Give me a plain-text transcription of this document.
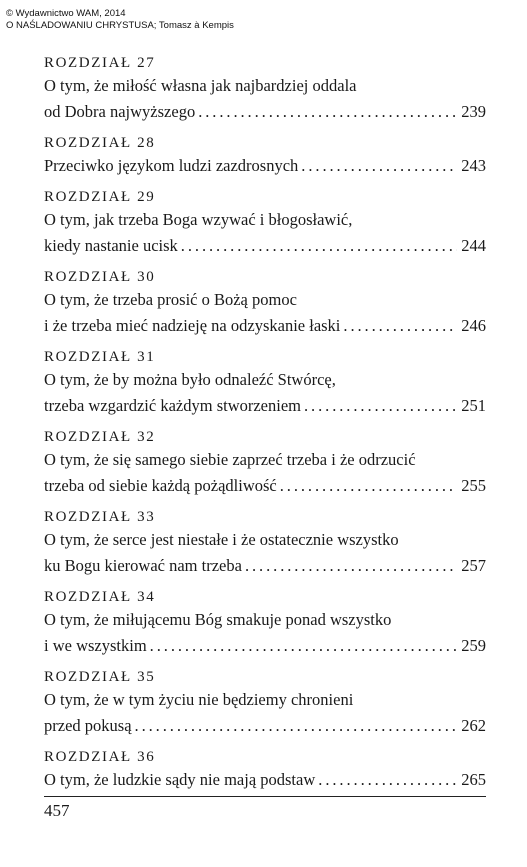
© Wydawnictwo WAM, 2014
O NAŚLADOWANIU CHRYSTUSA; Tomasz à Kempis
ROZDZIAŁ 27
O tym, że miłość własna jak najbardziej oddala
od Dobra najwyższego . . .	239
ROZDZIAŁ 28
Przeciwko językom ludzi zazdrosnych . . .	243
ROZDZIAŁ 29
O tym, jak trzeba Boga wzywać i błogosławić,
kiedy nastanie ucisk . . .	244
ROZDZIAŁ 30
O tym, że trzeba prosić o Bożą pomoc
i że trzeba mieć nadzieję na odzyskanie łaski . . .	246
ROZDZIAŁ 31
O tym, że by można było odnaleźć Stwórcę,
trzeba wzgardzić każdym stworzeniem . . .	251
ROZDZIAŁ 32
O tym, że się samego siebie zaprzeć trzeba i że odrzucić
trzeba od siebie każdą pożądliwość . . .	255
ROZDZIAŁ 33
O tym, że serce jest niestałe i że ostatecznie wszystko
ku Bogu kierować nam trzeba . . .	257
ROZDZIAŁ 34
O tym, że miłującemu Bóg smakuje ponad wszystko
i we wszystkim . . .	259
ROZDZIAŁ 35
O tym, że w tym życiu nie będziemy chronieni
przed pokusą . . .	262
ROZDZIAŁ 36
O tym, że ludzkie sądy nie mają podstaw . . .	265
457
